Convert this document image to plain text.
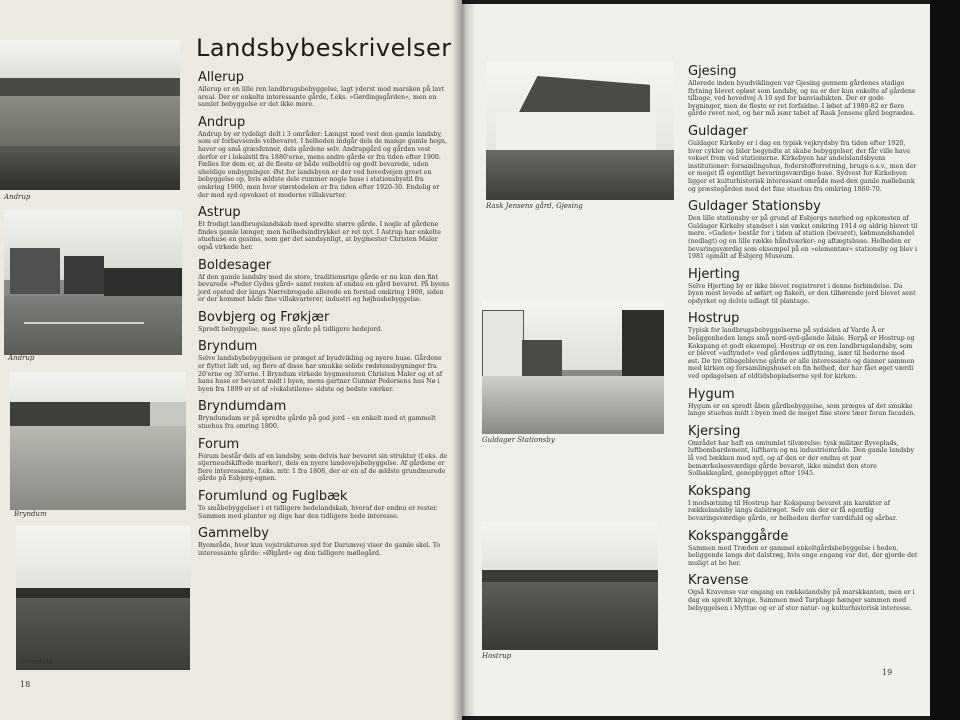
Andrup
Andrup
Bryndum
Bryndum
Landsbybeskrivelser
Allerup

Allerup er en lille ren landbrugsbebyggelse, lagt yderst mod marsken på lavt areal. Der er enkelte interessante gårde, f.eks. »Gørdingsgården«, men en samlet bebyggelse er det ikke mere.

Andrup

Andrup by er tydeligt delt i 3 områder: Længst mod vest den gamle landsby, som er forbavsende velbevaret. I helheden indgår dels de mange gamle hegn, haver og små græsfenner, dels gårdene selv. Andrupgård og gården vest derfor er i lokalstil fra 1880'erne, mens andre gårde er fra tiden efter 1900. Fælles for dem er, at de fleste er både velholdte og godt bevarede, uden uheldige ombygninger. Øst for landsbyen er der ved hovedvejen groet en bebyggelse op, hvis ældste dele rummer nogle huse i stationsbystil fra omkring 1900, men hvor størstedelen er fra tiden efter 1920-30. Endelig er der mod syd opvokset et moderne villakvarter.

Astrup

Et frodigt landbrugslandskab med spredte større gårde. I nogle af gårdene findes gamle længer, men helhedsindtrykket er ret nyt. I Astrup har enkelte stuehuse en gesims, som gør det sandsynligt, at bygmester Christen Maler også virkede her.

Boldesager

Af den gamle landsby med de store, traditionsrige gårde er nu kun den fint bevarede »Peder Gydes gård« samt resten af endnu en gård bevaret. På byens jord opstod der langs Nørrebrogade allerede en forstad omkring 1900, siden er der kommet både fine villakvarterer, industri og højhusbebyggelse.

Bovbjerg og Frøkjær

Spredt bebyggelse, mest nye gårde på tidligere hedejord.

Bryndum

Selve landsbybebyggelsen er præget af byudvikling og nyere huse. Gårdene er flyttet lidt ud, og flere af disse har smukke solide rødstensbygninger fra 20'erne og 30'erne. I Bryndum virkede bygmesteren Christen Maler og et af hans huse er bevaret midt i byen, mens gartner Gunnar Pedersens hus Nø i byen fra 1899 er et af »lokalstilens« sidste og bedste værker.

Bryndumdam

Bryndumdam er på spredte gårde på god jord – en enkelt med et gammelt stuehus fra omring 1800.

Forum

Forum består dels af en landsby, som delvis har bevaret sin struktur (f.eks. de stjerneudskiftede marker), dels en nyere landevejsbebyggelse. Af gårdene er flere interessante, f.eks. mtr. 1 fra 1808, der er en af de ældste grundmurede gårde på Esbjerg-egnen.

Forumlund og Fuglbæk

To småbebyggelser i et tidligere hedelandskab, hvoraf der endnu er rester. Sammen med planter og dige har den tidligere hede interesse.

Gammelby

Byområde, hvor kun vejstrukturen syd for Darumvej viser de gamle skel. To interessante gårde: »Ølgård« og den tidligere møllegård.

18
Rask Jensens gård, Gjesing
Guldager Stationsby
Hostrup
Gjesing

Allerede inden byudviklingen var Gjesing gennem gårdenes stadige flytning blevet opløst som landsby, og nu er der kun enkelte af gårdene tilbage, ved hovedvej A 10 syd for banviadukten. Der er gode bygninger, men de fleste er ret forfaldne. I løbet af 1980-82 er flere gårde revet ned, og her må især tabet af Rask Jensens gård begrædes.

Guldager

Guldager Kirkeby er i dag en typisk vejkrydsby fra tiden efter 1920, hvor cykler og biler begyndte at skabe bebyggelser, der får ville have vokset frem ved stationerne. Kirkebyen har andelslandsbyens institutioner: forsamlingshus, foderstofforretning, brugs o.s.v., men der er meget få egentligt bevaringsværdige huse. Sydvest for Kirkebyen ligger et kulturhistorisk interessant område med den gamle møllebank og præstegården med det fine stuehus fra omkring 1860-70.

Guldager Stationsby

Den lille stationsby er på grund af Esbjergs nærhed og opkomsten af Guldager Kirkeby standset i sin vækst omkring 1914 og aldrig blevet til mere. »Gaden« består for i tiden af station (bevaret), købmandshandel (nedlagt) og en lille række håndværker- og aftægtshuse. Helheden er bevaringsværdig som eksempel på en »elementær« stationsby og blev i 1981 opmålt af Esbjerg Museum.

Hjerting

Selve Hjerting by er ikke blevet registreret i denne forbindelse. Da byen mest levede af søfart og fiskeri, er den tilhørende jord blevet sent opdyrket og delvis udlagt til plantage.

Hostrup

Typisk for landbrugsbebyggelserne på sydsiden af Varde Å er beliggenheden langs små nord-syd-gående ådale. Herpå er Hostrup og Kokspang et godt eksempel. Hostrup er en ren landbrugslandsby, som er blevet »udtyndet« ved gårdenes udflytning, især til hederne mod øst. De tre tilbageblevne gårde er alle interessante og danner sammen med kirken og forsamlingshuset en fin helhed, der har fået øget værdi ved opdagelsen af oldtidsbopladserne syd for kirken.

Hygum

Hygum er en spredt åben gårdbebyggelse, som præges af det smukke lange stuehus midt i byen med de meget fine store tæer foran facaden.

Kjersing

Området har haft en omtumlet tilværelse: tysk militær flyveplads, luftbombardement, lufthavn og nu industriområde. Den gamle landsby lå ved bækken mod syd, og af den er der endnu et par bemærkelsesværdige gårde bevaret, ikke mindst den store Solbakkegård, genopbygget efter 1945.

Kokspang

I modsætning til Hostrup har Kokspang bevaret sin karakter af rækkelandsby langs dalstrøget. Selv om der er få egentlig bevaringsværdige gårde, er helheden derfor værdifuld og sårbar.

Kokspanggårde

Sammen med Træden er gammel enkeltgårdsbebyggelse i heden, beliggende langs det dalstrøg, hvis enge engang var det, der gjorde det muligt at bo her.

Kravense

Også Kravense var engang en rækkelandsby på marskkanten, men er i dag en spredt klynge. Sammen med Tarphage hænger sammen med bebyggelsen i Myttue og er af stor natur- og kulturhistorisk interesse.

19
